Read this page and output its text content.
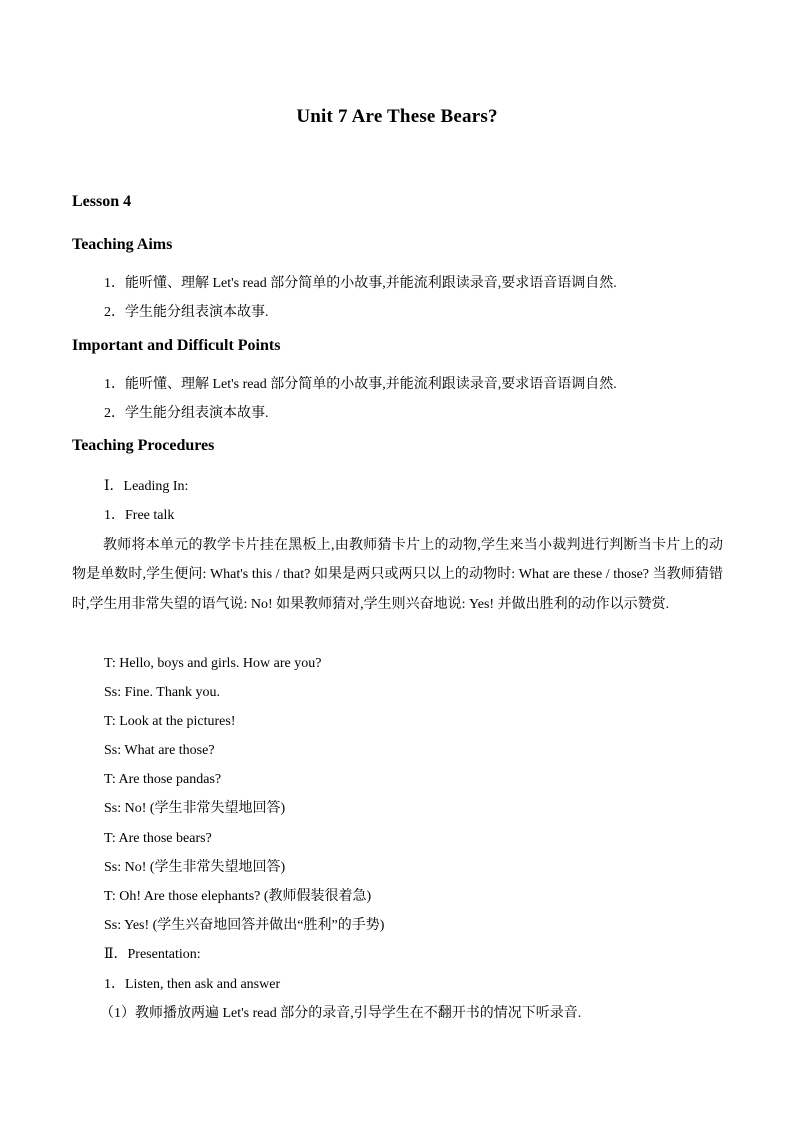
Unit 7 Are These Bears?
Lesson 4
Teaching Aims
1．能听懂、理解 Let's read 部分简单的小故事,并能流利跟读录音,要求语音语调自然.
2．学生能分组表演本故事.
Important and Difficult Points
1．能听懂、理解 Let's read 部分简单的小故事,并能流利跟读录音,要求语音语调自然.
2．学生能分组表演本故事.
Teaching Procedures
Ⅰ．Leading In:
1．Free talk
教师将本单元的教学卡片挂在黑板上,由教师猜卡片上的动物,学生来当小裁判进行判断当卡片上的动物是单数时,学生便问: What's this / that? 如果是两只或两只以上的动物时: What are these / those? 当教师猜错时,学生用非常失望的语气说: No! 如果教师猜对,学生则兴奋地说: Yes! 并做出胜利的动作以示赞赏.
T: Hello, boys and girls. How are you?
Ss: Fine. Thank you.
T: Look at the pictures!
Ss: What are those?
T: Are those pandas?
Ss: No! (学生非常失望地回答)
T: Are those bears?
Ss: No! (学生非常失望地回答)
T: Oh! Are those elephants? (教师假装很着急)
Ss: Yes! (学生兴奋地回答并做出“胜利”的手势)
Ⅱ．Presentation:
1．Listen, then ask and answer
（1）教师播放两遍 Let's read 部分的录音,引导学生在不翻开书的情况下听录音.
